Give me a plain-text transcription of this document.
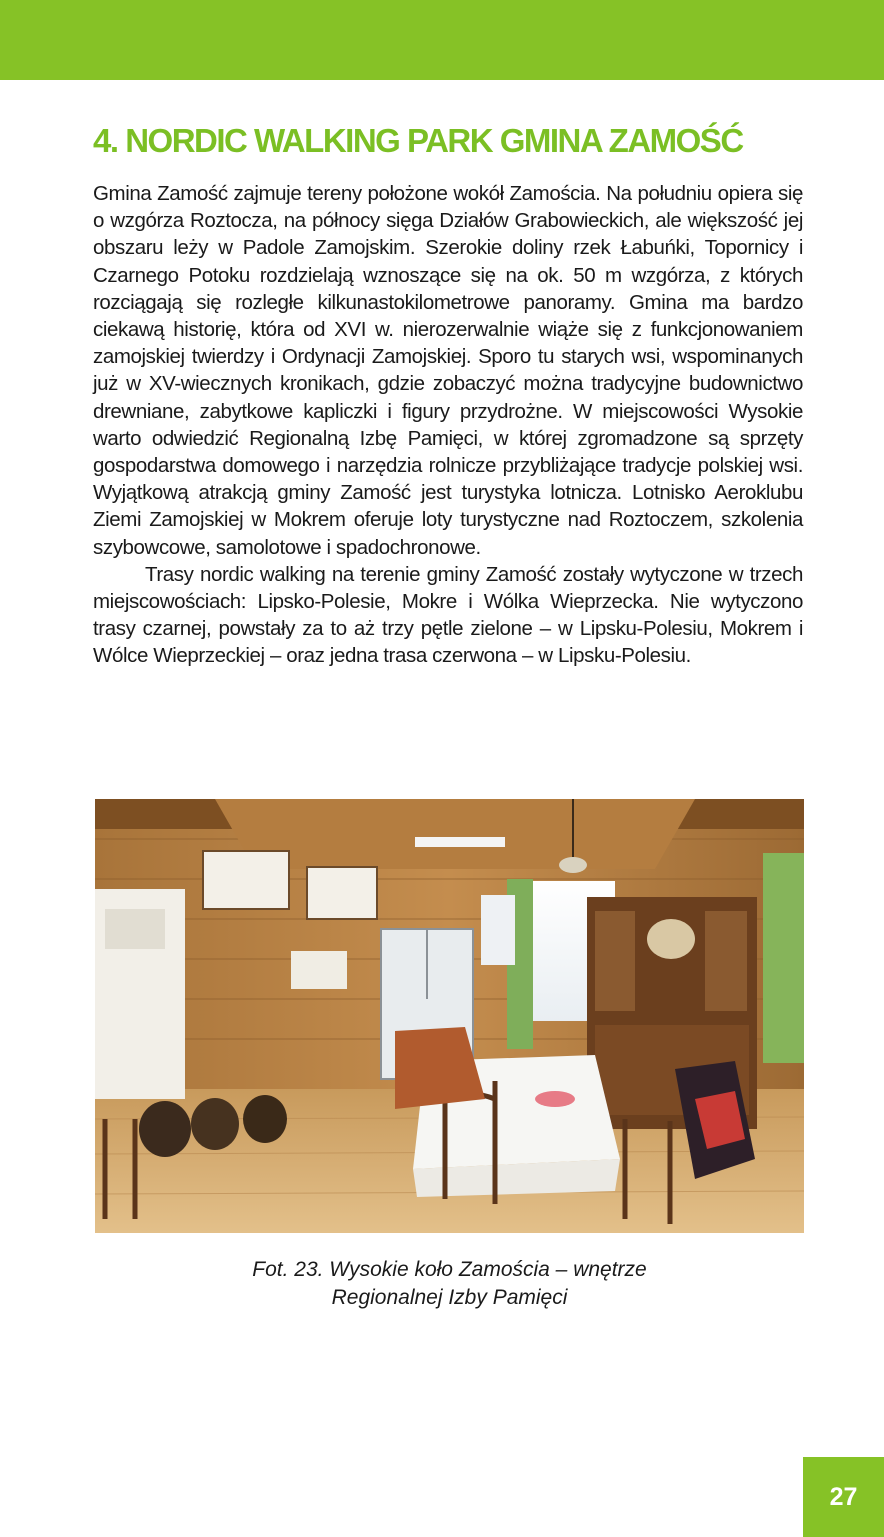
4. NORDIC WALKING PARK GMINA ZAMOŚĆ

Gmina Zamość zajmuje tereny położone wokół Zamościa. Na południu opiera się o wzgórza Roztocza, na północy sięga Działów Grabowieckich, ale większość jej obszaru leży w Padole Zamojskim. Szerokie doliny rzek Łabuńki, Topornicy i Czarnego Potoku rozdzielają wznoszące się na ok. 50 m wzgórza, z których rozciągają się rozległe kilkunastokilometrowe panoramy. Gmina ma bardzo ciekawą historię, która od XVI w. nierozerwalnie wiąże się z funkcjonowaniem zamojskiej twierdzy i Ordynacji Zamojskiej. Sporo tu starych wsi, wspominanych już w XV-wiecznych kronikach, gdzie zobaczyć można tradycyjne budownictwo drewniane, zabytkowe kapliczki i figury przydrożne. W miejscowości Wysokie warto odwiedzić Regionalną Izbę Pamięci, w której zgromadzone są sprzęty gospodarstwa domowego i narzędzia rolnicze przybliżające tradycje polskiej wsi. Wyjątkową atrakcją gminy Zamość jest turystyka lotnicza. Lotnisko Aeroklubu Ziemi Zamojskiej w Mokrem oferuje loty turystyczne nad Roztoczem, szkolenia szybowcowe, samolotowe i spadochronowe.

Trasy nordic walking na terenie gminy Zamość zostały wytyczone w trzech miejscowościach: Lipsko-Polesie, Mokre i Wólka Wieprzecka. Nie wytyczono trasy czarnej, powstały za to aż trzy pętle zielone – w Lipsku-Polesiu, Mokrem i Wólce Wieprzeckiej – oraz jedna trasa czerwona – w Lipsku-Polesiu.

Fot. 23. Wysokie koło Zamościa – wnętrze
Regionalnej Izby Pamięci
27
